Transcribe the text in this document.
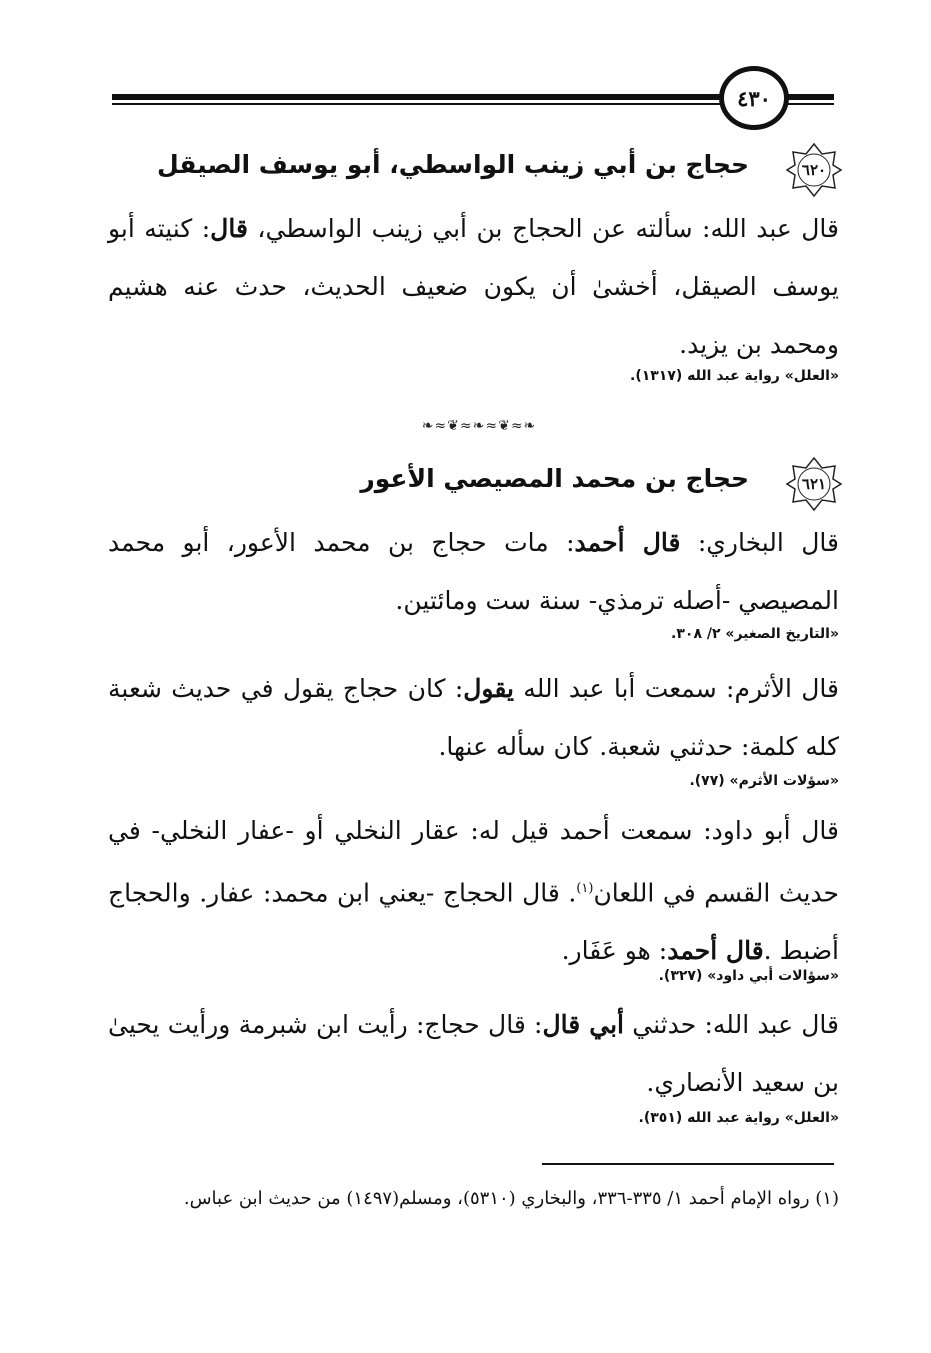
٤٣٠
٦٢٠
حجاج بن أبي زينب الواسطي، أبو يوسف الصيقل
قال عبد الله: سألته عن الحجاج بن أبي زينب الواسطي، قال: كنيته أبو يوسف الصيقل، أخشىٰ أن يكون ضعيف الحديث، حدث عنه هشيم ومحمد بن يزيد.
«العلل» رواية عبد الله (١٣١٧).
❧≈❦≈❧≈❦≈❧
٦٢١
حجاج بن محمد المصيصي الأعور
قال البخاري: قال أحمد: مات حجاج بن محمد الأعور، أبو محمد المصيصي -أصله ترمذي- سنة ست ومائتين.
«التاريخ الصغير» ٢/ ٣٠٨.
قال الأثرم: سمعت أبا عبد الله يقول: كان حجاج يقول في حديث شعبة كله كلمة: حدثني شعبة. كان سأله عنها.
«سؤلات الأثرم» (٧٧).
قال أبو داود: سمعت أحمد قيل له: عقار النخلي أو -عفار النخلي- في حديث القسم في اللعان$^{(١)}$. قال الحجاج -يعني ابن محمد: عفار. والحجاج أضبط .قال أحمد: هو عَفَار.
«سؤالات أبي داود» (٣٢٧).
قال عبد الله: حدثني أبي قال: قال حجاج: رأيت ابن شبرمة ورأيت يحيىٰ بن سعيد الأنصاري.
«العلل» رواية عبد الله (٣٥١).
(١) رواه الإمام أحمد ١/ ٣٣٥-٣٣٦، والبخاري (٥٣١٠)، ومسلم(١٤٩٧) من حديث ابن عباس.
